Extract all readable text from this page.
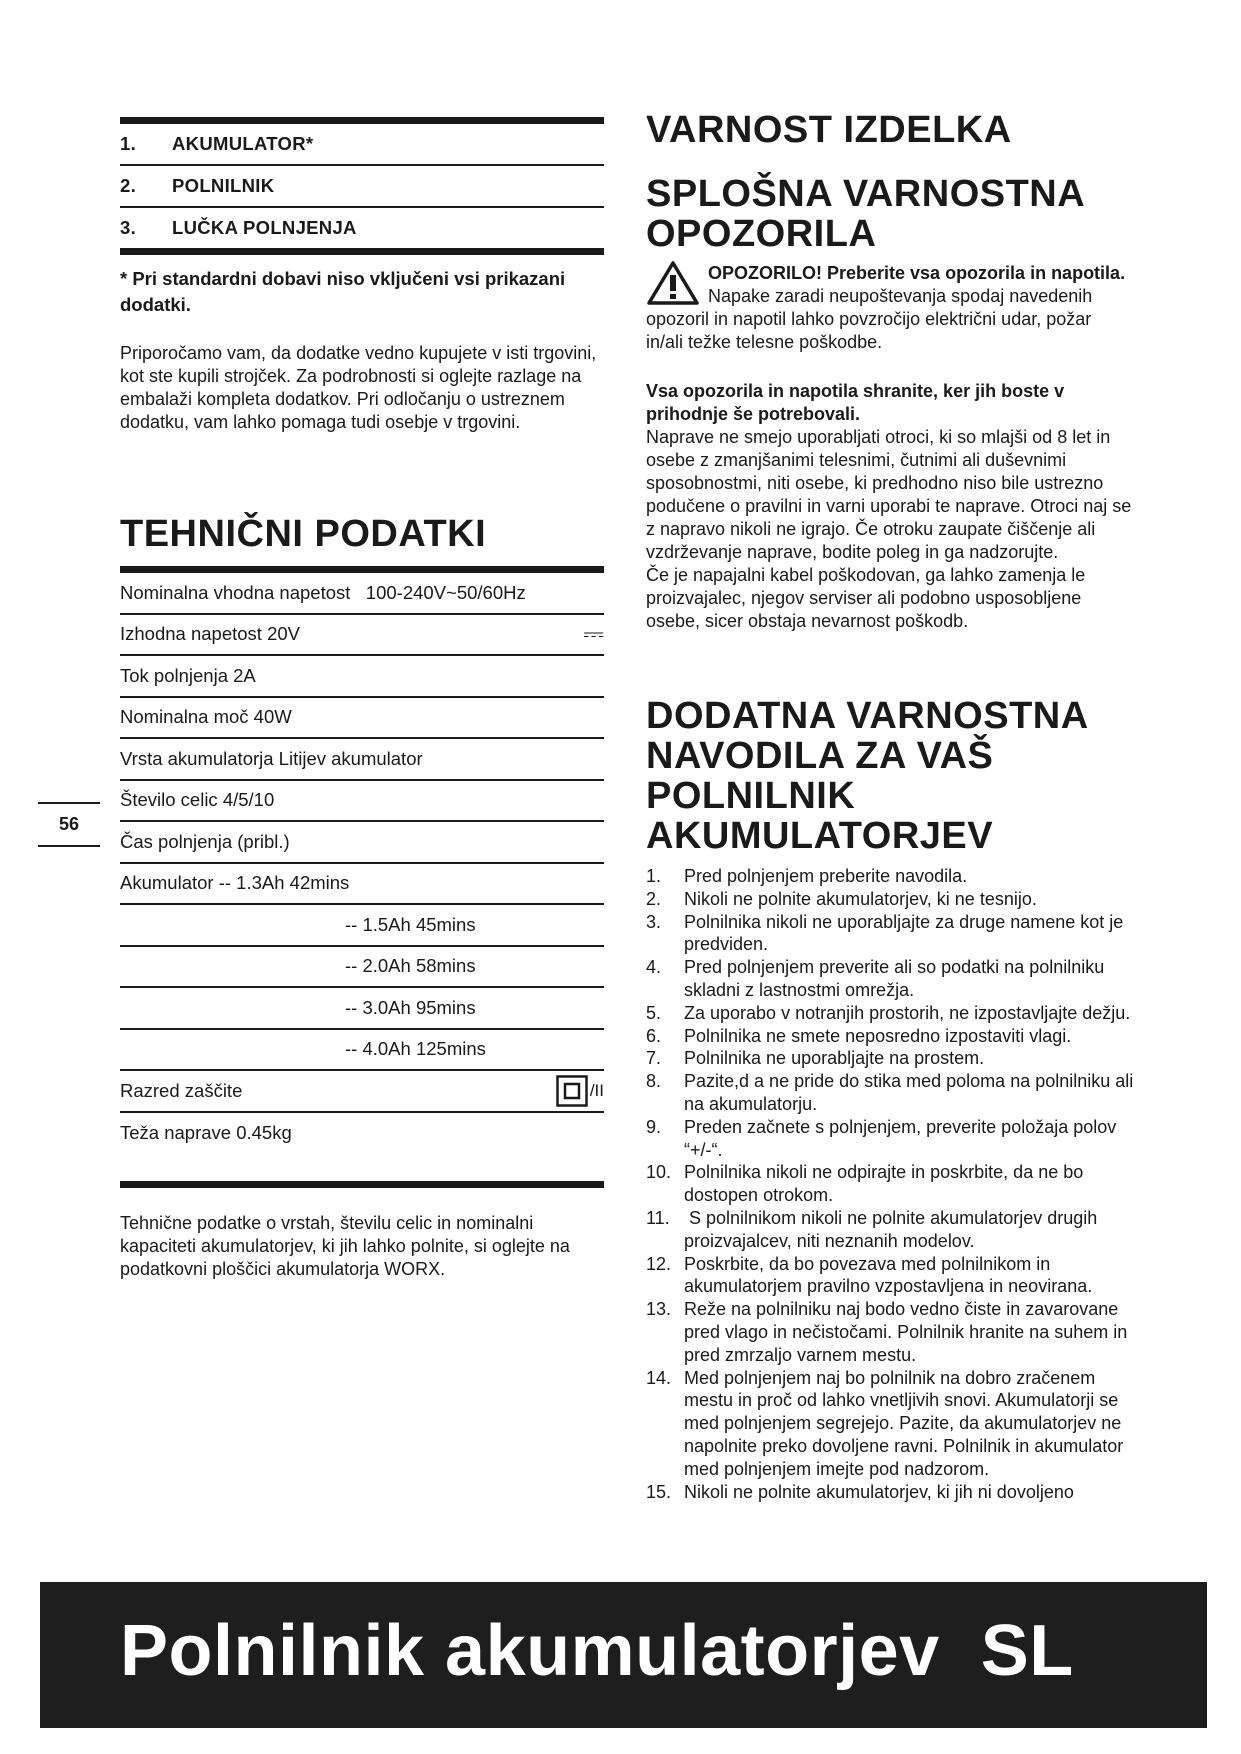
1.	AKUMULATOR*
2.	POLNILNIK
3.	LUČKA POLNJENJA
* Pri standardni dobavi niso vključeni vsi prikazani dodatki.
Priporočamo vam, da dodatke vedno kupujete v isti trgovini, kot ste kupili strojček. Za podrobnosti si oglejte razlage na embalaži kompleta dodatkov. Pri odločanju o ustreznem dodatku, vam lahko pomaga tudi osebje v trgovini.
TEHNIČNI PODATKI
Nominalna vhodna napetost   100-240V~50/60Hz
Izhodna napetost 20V	⎓
Tok polnjenja 2A
Nominalna moč 40W
Vrsta akumulatorja Litijev akumulator
Število celic 4/5/10
Čas polnjenja (pribl.)
Akumulator -- 1.3Ah 42mins
-- 1.5Ah 45mins
-- 2.0Ah 58mins
-- 3.0Ah 95mins
-- 4.0Ah 125mins
Razred zaščite	/II
Teža naprave 0.45kg
Tehnične podatke o vrstah, številu celic in nominalni kapaciteti akumulatorjev, ki jih lahko polnite, si oglejte na podatkovni ploščici akumulatorja WORX.
56
VARNOST IZDELKA
SPLOŠNA VARNOSTNA OPOZORILA
OPOZORILO! Preberite vsa opozorila in napotila. Napake zaradi neupoštevanja spodaj navedenih opozoril in napotil lahko povzročijo električni udar, požar in/ali težke telesne poškodbe.
Vsa opozorila in napotila shranite, ker jih boste v prihodnje še potrebovali.
Naprave ne smejo uporabljati otroci, ki so mlajši od 8 let in osebe z zmanjšanimi telesnimi, čutnimi ali duševnimi sposobnostmi, niti osebe, ki predhodno niso bile ustrezno podučene o pravilni in varni uporabi te naprave. Otroci naj se z napravo nikoli ne igrajo. Če otroku zaupate čiščenje ali vzdrževanje naprave, bodite poleg in ga nadzorujte.
Če je napajalni kabel poškodovan, ga lahko zamenja le proizvajalec, njegov serviser ali podobno usposobljene osebe, sicer obstaja nevarnost poškodb.
DODATNA VARNOSTNA NAVODILA ZA VAŠ POLNILNIK AKUMULATORJEV
1.	Pred polnjenjem preberite navodila.
2.	Nikoli ne polnite akumulatorjev, ki ne tesnijo.
3.	Polnilnika nikoli ne uporabljajte za druge namene kot je predviden.
4.	Pred polnjenjem preverite ali so podatki na polnilniku skladni z lastnostmi omrežja.
5.	Za uporabo v notranjih prostorih, ne izpostavljajte dežju.
6.	Polnilnika ne smete neposredno izpostaviti vlagi.
7.	Polnilnika ne uporabljajte na prostem.
8.	Pazite,d a ne pride do stika med poloma na polnilniku ali na akumulatorju.
9.	Preden začnete s polnjenjem, preverite položaja polov “+/-“.
10. Polnilnika nikoli ne odpirajte in poskrbite, da ne bo dostopen otrokom.
11. S polnilnikom nikoli ne polnite akumulatorjev drugih proizvajalcev, niti neznanih modelov.
12. Poskrbite, da bo povezava med polnilnikom in akumulatorjem pravilno vzpostavljena in neovirana.
13. Reže na polnilniku naj bodo vedno čiste in zavarovane pred vlago in nečistočami. Polnilnik hranite na suhem in pred zmrzaljo varnem mestu.
14. Med polnjenjem naj bo polnilnik na dobro zračenem mestu in proč od lahko vnetljivih snovi. Akumulatorji se med polnjenjem segrejejo. Pazite, da akumulatorjev ne napolnite preko dovoljene ravni. Polnilnik in akumulator med polnjenjem imejte pod nadzorom.
15. Nikoli ne polnite akumulatorjev, ki jih ni dovoljeno
Polnilnik akumulatorjev  SL
